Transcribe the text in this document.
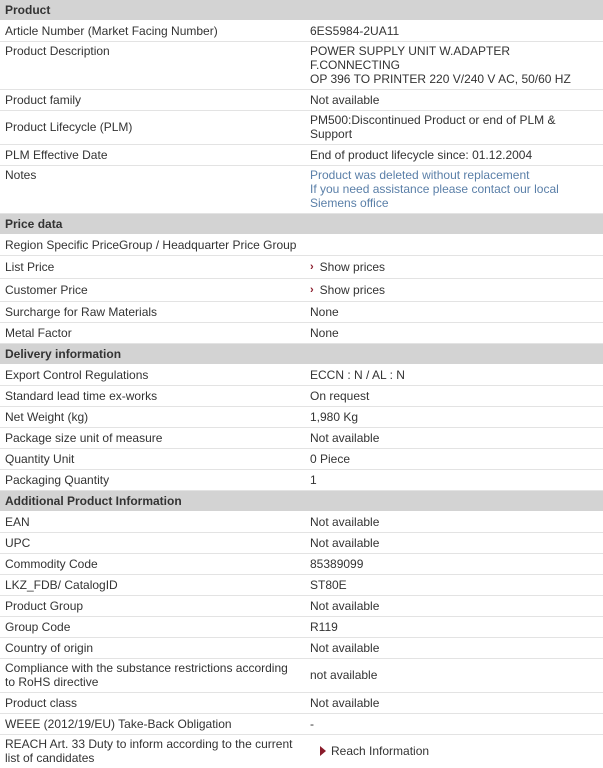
Product
Article Number (Market Facing Number)	6ES5984-2UA11
Product Description	POWER SUPPLY UNIT W.ADAPTER F.CONNECTING
OP 396 TO PRINTER 220 V/240 V AC, 50/60 HZ
Product family	Not available
Product Lifecycle (PLM)	PM500:Discontinued Product or end of PLM & Support
PLM Effective Date	End of product lifecycle since: 01.12.2004
Notes	Product was deleted without replacement
If you need assistance please contact our local
Siemens office
Price data
Region Specific PriceGroup / Headquarter Price Group
List Price	› Show prices
Customer Price	› Show prices
Surcharge for Raw Materials	None
Metal Factor	None
Delivery information
Export Control Regulations	ECCN : N / AL : N
Standard lead time ex-works	On request
Net Weight (kg)	1,980 Kg
Package size unit of measure	Not available
Quantity Unit	0 Piece
Packaging Quantity	1
Additional Product Information
EAN	Not available
UPC	Not available
Commodity Code	85389099
LKZ_FDB/ CatalogID	ST80E
Product Group	Not available
Group Code	R119
Country of origin	Not available
Compliance with the substance restrictions according
to RoHS directive	not available
Product class	Not available
WEEE (2012/19/EU) Take-Back Obligation	-
REACH Art. 33 Duty to inform according to the current
list of candidates	Reach Information
